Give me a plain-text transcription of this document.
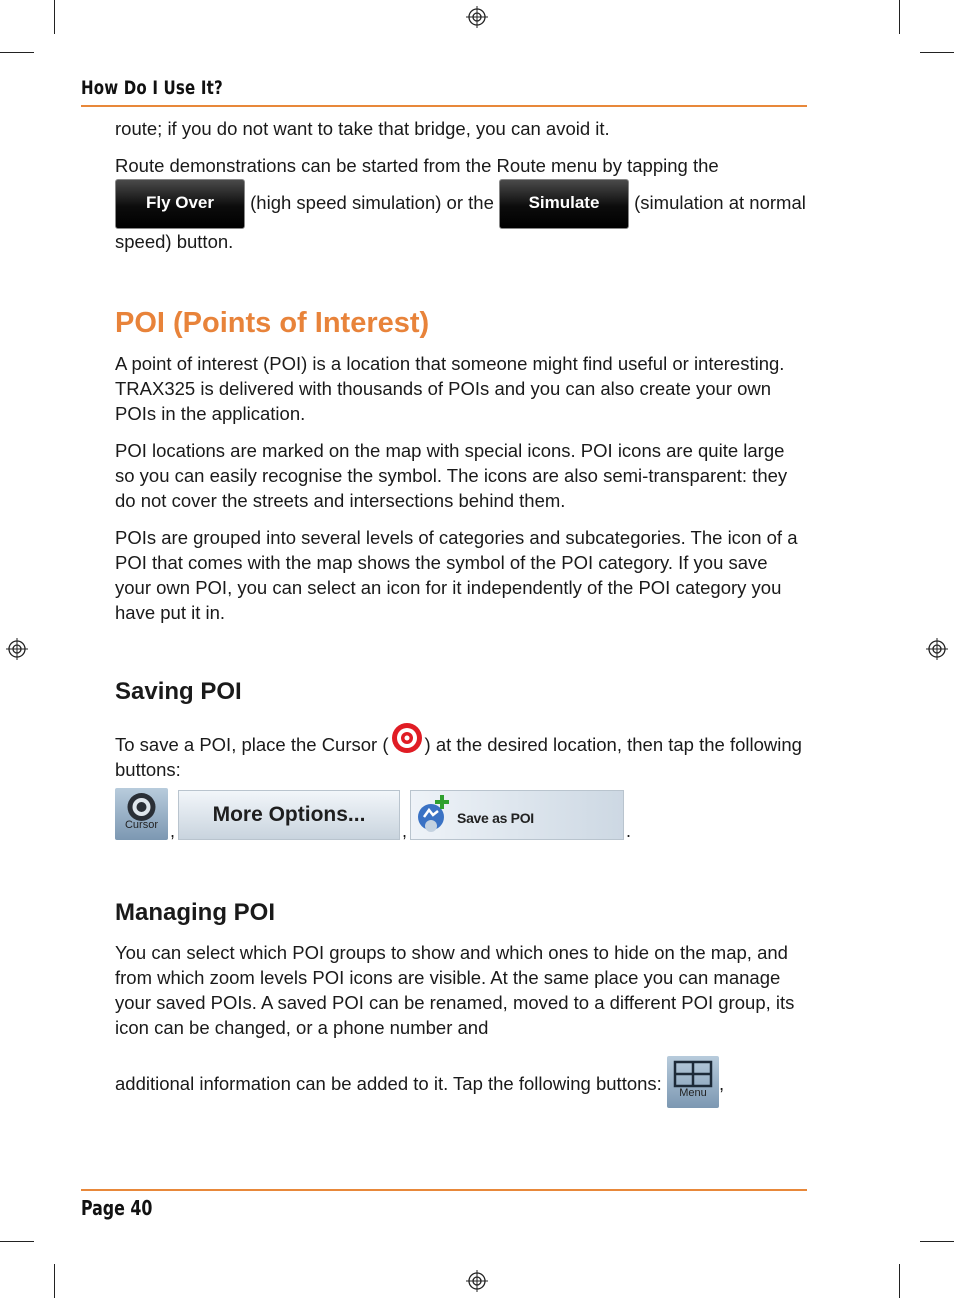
How Do I Use It?

route; if you do not want to take that bridge, you can avoid it.

Route demonstrations can be started from the Route menu by tapping the Fly Over (high speed simulation) or the Simulate (simulation at normal speed) button.

POI (Points of Interest)

A point of interest (POI) is a location that someone might find useful or interesting. TRAX325 is delivered with thousands of POIs and you can also create your own POIs in the application.

POI locations are marked on the map with special icons. POI icons are quite large so you can easily recognise the symbol. The icons are also semi-transparent: they do not cover the streets and intersections behind them.

POIs are grouped into several levels of categories and subcategories. The icon of a POI that comes with the map shows the symbol of the POI category. If you save your own POI, you can select an icon for it independently of the POI category you have put it in.

Saving POI

To save a POI, place the Cursor ( ) at the desired location, then tap the following buttons:

Cursor ,
More Options...
,
Save as POI
.
Managing POI

You can select which POI groups to show and which ones to hide on the map, and from which zoom levels POI icons are visible. At the same place you can manage your saved POIs. A saved POI can be renamed, moved to a different POI group, its icon can be changed, or a phone number and

additional information can be added to it. Tap the following buttons:	Menu ,

Page 40
